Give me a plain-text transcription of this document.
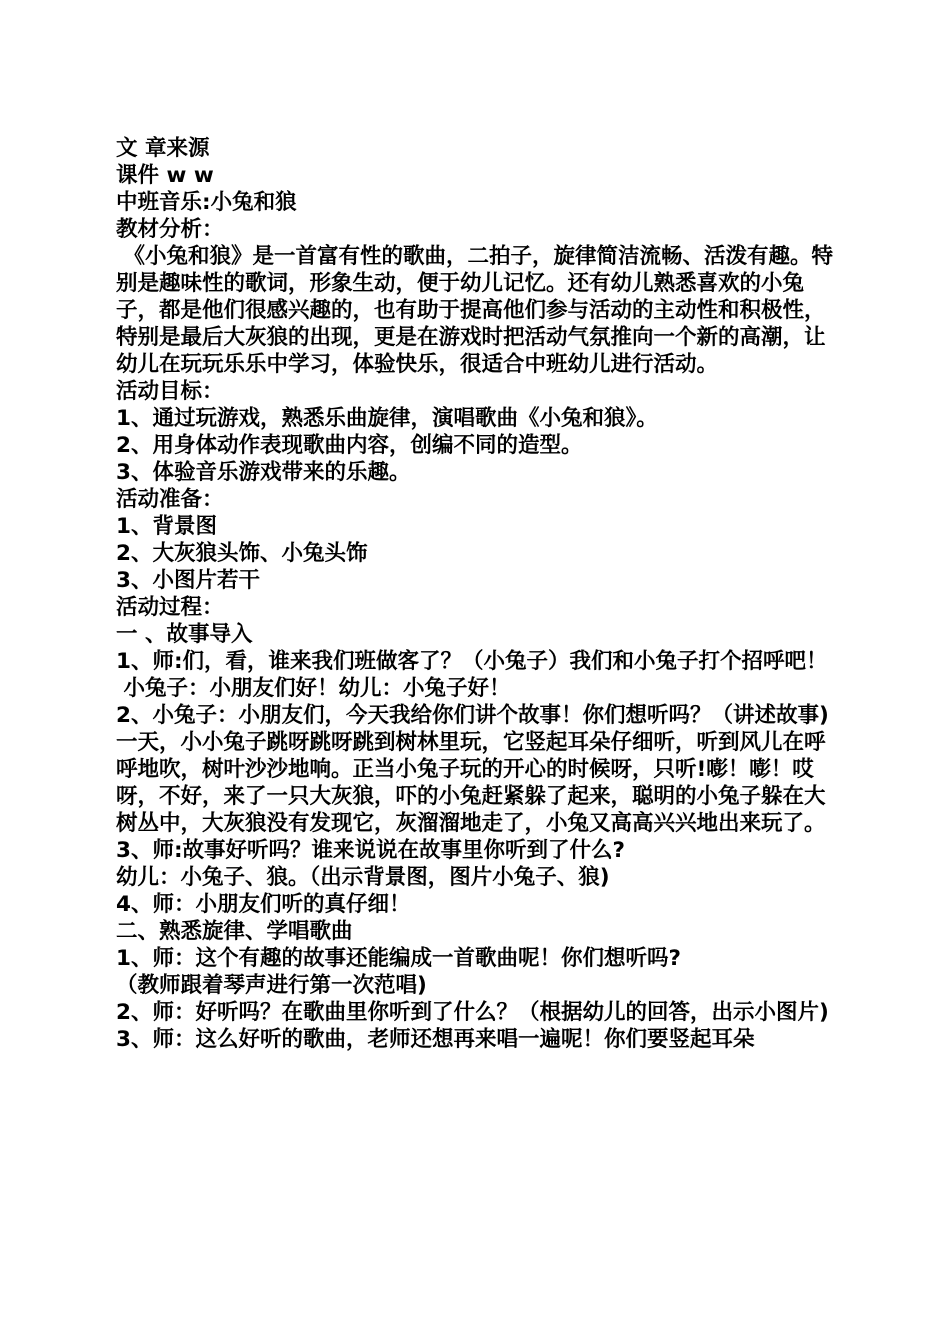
文 章来源

课件 w w

中班音乐:小兔和狼

教材分析：

《小兔和狼》是一首富有性的歌曲，二拍子，旋律简洁流畅、活泼有趣。特别是趣味性的歌词，形象生动，便于幼儿记忆。还有幼儿熟悉喜欢的小兔子，都是他们很感兴趣的，也有助于提高他们参与活动的主动性和积极性，特别是最后大灰狼的出现，更是在游戏时把活动气氛推向一个新的高潮，让幼儿在玩玩乐乐中学习，体验快乐，很适合中班幼儿进行活动。

活动目标：

1、通过玩游戏，熟悉乐曲旋律，演唱歌曲《小兔和狼》。

2、用身体动作表现歌曲内容，创编不同的造型。

3、体验音乐游戏带来的乐趣。

活动准备：

1、背景图

2、大灰狼头饰、小兔头饰

3、小图片若干

活动过程：

一 、故事导入

1、师:们，看，谁来我们班做客了？（小兔子）我们和小兔子打个招呼吧！

小兔子：小朋友们好！幼儿：小兔子好！

2、小兔子：小朋友们，今天我给你们讲个故事！你们想听吗？（讲述故事)

一天，小小兔子跳呀跳呀跳到树林里玩，它竖起耳朵仔细听，听到风儿在呼呼地吹，树叶沙沙地响。正当小兔子玩的开心的时候呀，只听!嘭！嘭！哎呀，不好，来了一只大灰狼，吓的小兔赶紧躲了起来，聪明的小兔子躲在大树丛中，大灰狼没有发现它，灰溜溜地走了，小兔又高高兴兴地出来玩了。

3、师:故事好听吗？谁来说说在故事里你听到了什么?

幼儿：小兔子、狼。（出示背景图，图片小兔子、狼)

4、师：小朋友们听的真仔细！

二、熟悉旋律、学唱歌曲

1、师：这个有趣的故事还能编成一首歌曲呢！你们想听吗?

（教师跟着琴声进行第一次范唱)

2、师：好听吗？在歌曲里你听到了什么？（根据幼儿的回答，出示小图片)

3、师：这么好听的歌曲，老师还想再来唱一遍呢！你们要竖起耳朵
